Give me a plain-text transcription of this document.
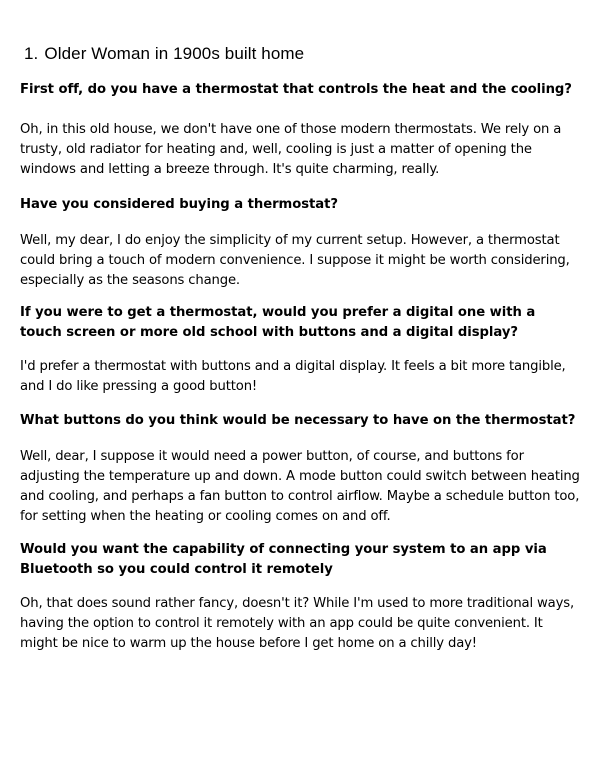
1. Older Woman in 1900s built home

First off, do you have a thermostat that controls the heat and the cooling?

Oh, in this old house, we don't have one of those modern thermostats. We rely on a trusty, old radiator for heating and, well, cooling is just a matter of opening the windows and letting a breeze through. It's quite charming, really.

Have you considered buying a thermostat?

Well, my dear, I do enjoy the simplicity of my current setup. However, a thermostat could bring a touch of modern convenience. I suppose it might be worth considering, especially as the seasons change.

If you were to get a thermostat, would you prefer a digital one with a touch screen or more old school with buttons and a digital display?

I'd prefer a thermostat with buttons and a digital display. It feels a bit more tangible, and I do like pressing a good button!

What buttons do you think would be necessary to have on the thermostat?

Well, dear, I suppose it would need a power button, of course, and buttons for adjusting the temperature up and down. A mode button could switch between heating and cooling, and perhaps a fan button to control airflow. Maybe a schedule button too, for setting when the heating or cooling comes on and off.

Would you want the capability of connecting your system to an app via Bluetooth so you could control it remotely

Oh, that does sound rather fancy, doesn't it? While I'm used to more traditional ways, having the option to control it remotely with an app could be quite convenient. It might be nice to warm up the house before I get home on a chilly day!
